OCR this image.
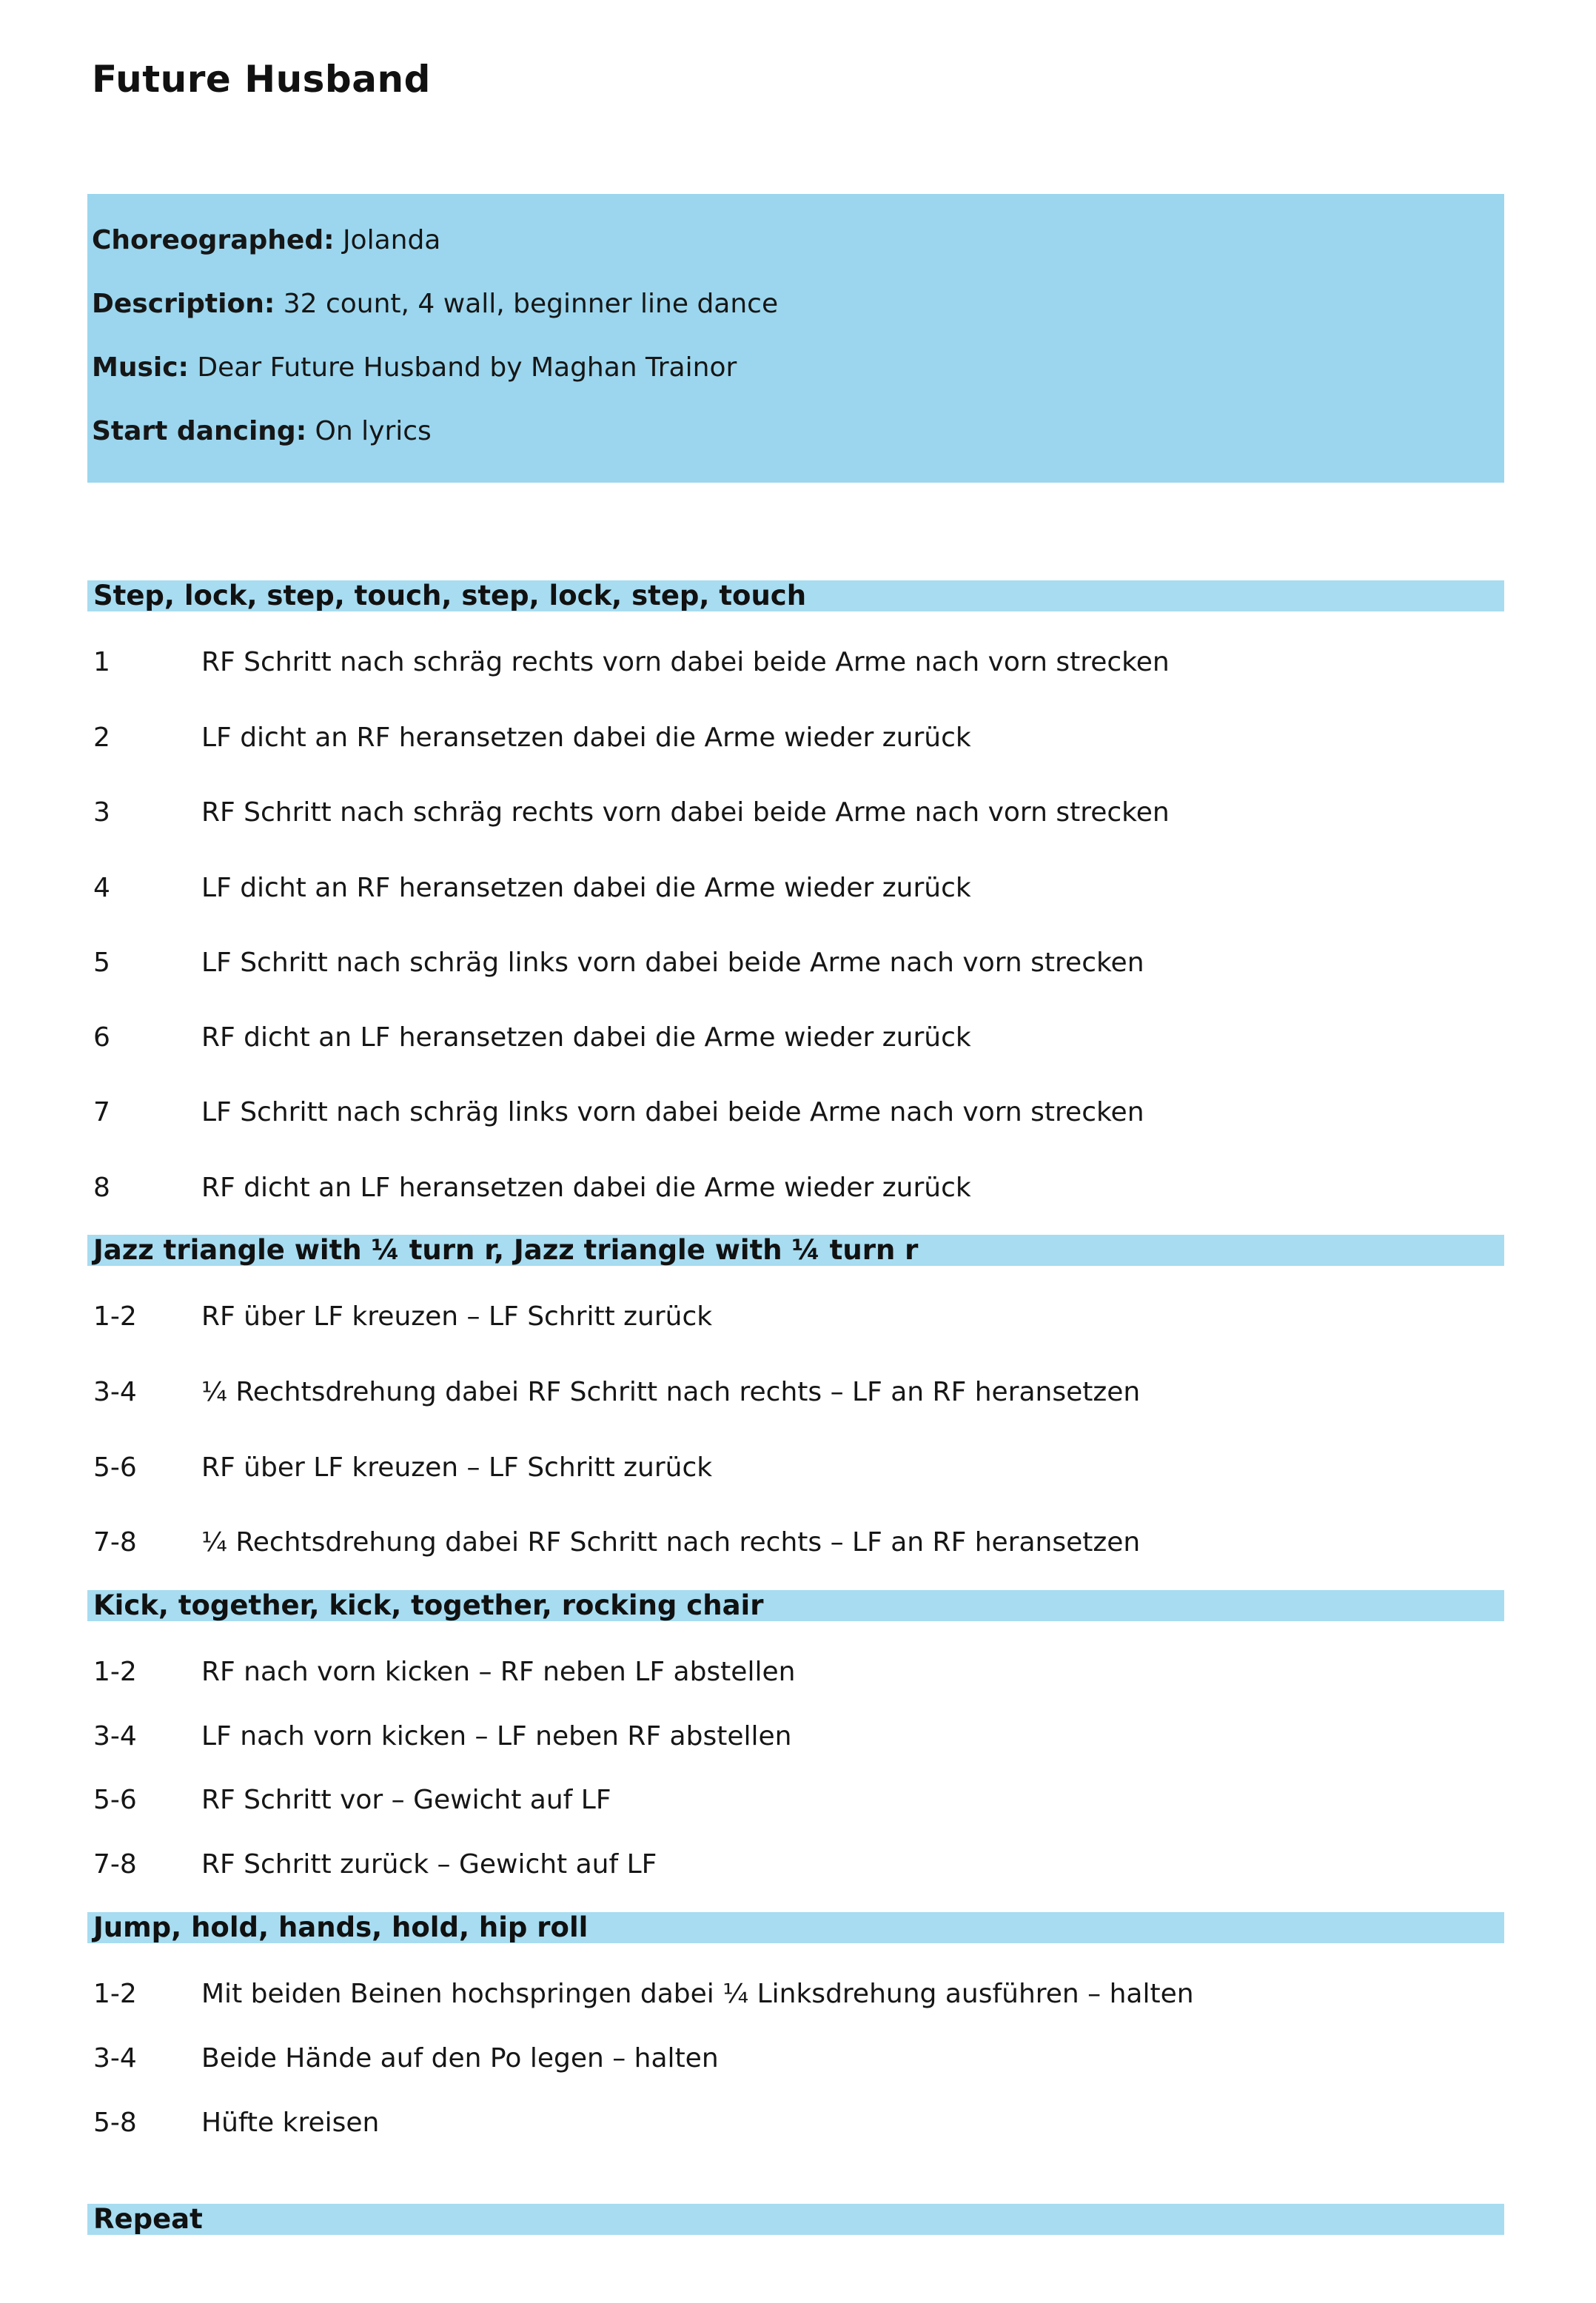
Future Husband
Choreographed: Jolanda
Description: 32 count, 4 wall, beginner line dance
Music: Dear Future Husband by Maghan Trainor
Start dancing: On lyrics
Step, lock, step, touch, step, lock, step, touch
1	RF Schritt nach schräg rechts vorn dabei beide Arme nach vorn strecken
2	LF dicht an RF heransetzen dabei die Arme wieder zurück
3	RF Schritt nach schräg rechts vorn dabei beide Arme nach vorn strecken
4	LF dicht an RF heransetzen dabei die Arme wieder zurück
5	LF Schritt nach schräg links vorn dabei beide Arme nach vorn strecken
6	RF dicht an LF heransetzen dabei die Arme wieder zurück
7	LF Schritt nach schräg links vorn dabei beide Arme nach vorn strecken
8	RF dicht an LF heransetzen dabei die Arme wieder zurück
Jazz triangle with ¼ turn r, Jazz triangle with ¼ turn r
1-2 RF über LF kreuzen – LF Schritt zurück
3-4 ¼ Rechtsdrehung dabei RF Schritt nach rechts – LF an RF heransetzen
5-6 RF über LF kreuzen – LF Schritt zurück
7-8 ¼ Rechtsdrehung dabei RF Schritt nach rechts – LF an RF heransetzen
Kick, together, kick, together, rocking chair
1-2 RF nach vorn kicken – RF neben LF abstellen
3-4 LF nach vorn kicken – LF neben RF abstellen
5-6 RF Schritt vor – Gewicht auf LF
7-8 RF Schritt zurück – Gewicht auf LF
Jump, hold, hands, hold, hip roll
1-2 Mit beiden Beinen hochspringen dabei ¼ Linksdrehung ausführen – halten
3-4 Beide Hände auf den Po legen – halten
5-8 Hüfte kreisen
Repeat
